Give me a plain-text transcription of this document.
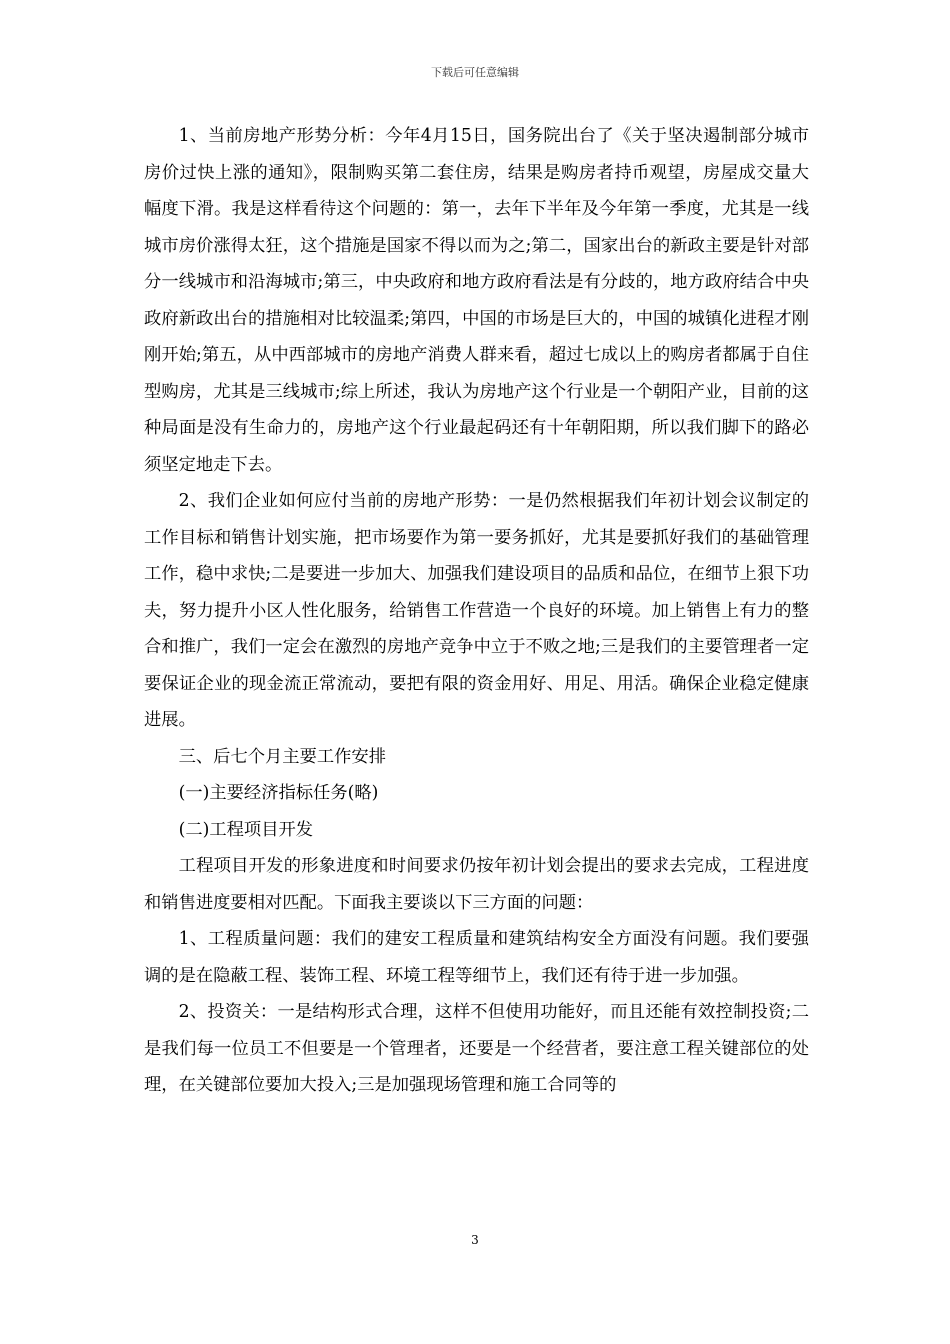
下载后可任意编辑

1、当前房地产形势分析：今年4月15日，国务院出台了《关于坚决遏制部分城市房价过快上涨的通知》，限制购买第二套住房，结果是购房者持币观望，房屋成交量大幅度下滑。我是这样看待这个问题的：第一，去年下半年及今年第一季度，尤其是一线城市房价涨得太狂，这个措施是国家不得以而为之;第二，国家出台的新政主要是针对部分一线城市和沿海城市;第三，中央政府和地方政府看法是有分歧的，地方政府结合中央政府新政出台的措施相对比较温柔;第四，中国的市场是巨大的，中国的城镇化进程才刚刚开始;第五，从中西部城市的房地产消费人群来看，超过七成以上的购房者都属于自住型购房，尤其是三线城市;综上所述，我认为房地产这个行业是一个朝阳产业，目前的这种局面是没有生命力的，房地产这个行业最起码还有十年朝阳期，所以我们脚下的路必须坚定地走下去。

2、我们企业如何应付当前的房地产形势：一是仍然根据我们年初计划会议制定的工作目标和销售计划实施，把市场要作为第一要务抓好，尤其是要抓好我们的基础管理工作，稳中求快;二是要进一步加大、加强我们建设项目的品质和品位，在细节上狠下功夫，努力提升小区人性化服务，给销售工作营造一个良好的环境。加上销售上有力的整合和推广，我们一定会在激烈的房地产竞争中立于不败之地;三是我们的主要管理者一定要保证企业的现金流正常流动，要把有限的资金用好、用足、用活。确保企业稳定健康进展。

三、后七个月主要工作安排

(一)主要经济指标任务(略)

(二)工程项目开发

工程项目开发的形象进度和时间要求仍按年初计划会提出的要求去完成，工程进度和销售进度要相对匹配。下面我主要谈以下三方面的问题：

1、工程质量问题：我们的建安工程质量和建筑结构安全方面没有问题。我们要强调的是在隐蔽工程、装饰工程、环境工程等细节上，我们还有待于进一步加强。

2、投资关：一是结构形式合理，这样不但使用功能好，而且还能有效控制投资;二是我们每一位员工不但要是一个管理者，还要是一个经营者，要注意工程关键部位的处理，在关键部位要加大投入;三是加强现场管理和施工合同等的

3
